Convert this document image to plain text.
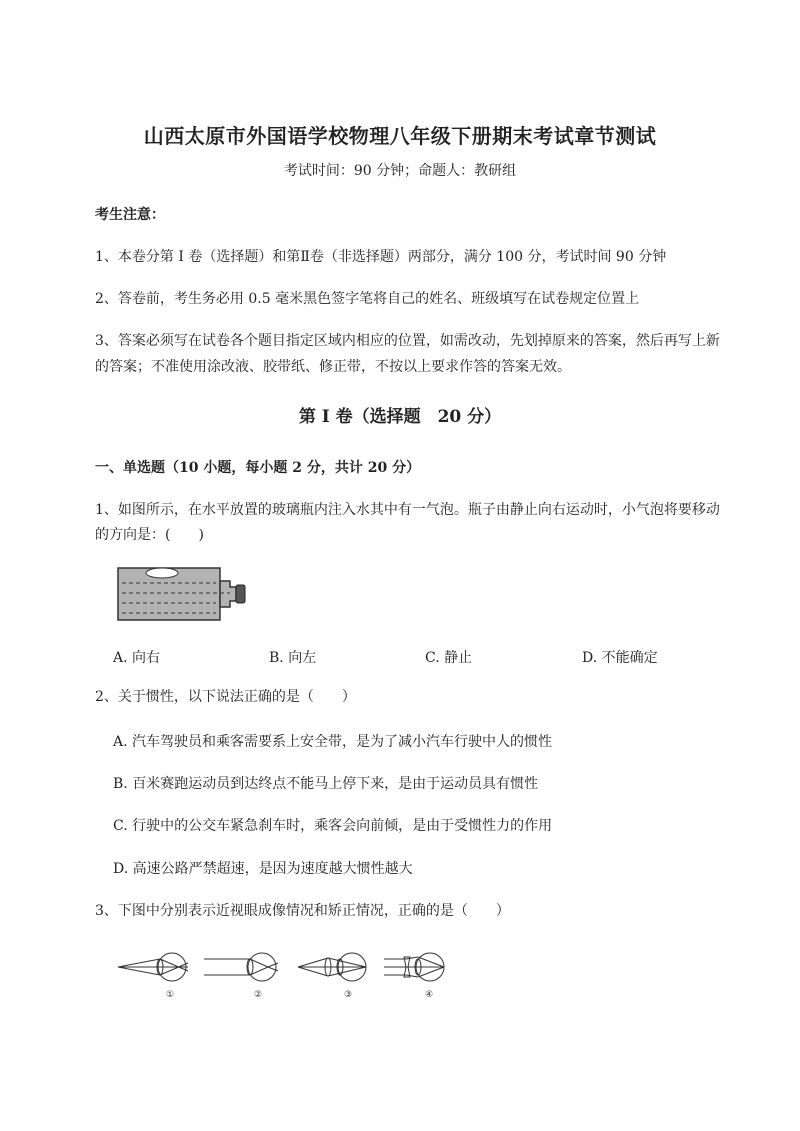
山西太原市外国语学校物理八年级下册期末考试章节测试
考试时间：90 分钟；命题人：教研组
考生注意：
1、本卷分第 I 卷（选择题）和第Ⅱ卷（非选择题）两部分，满分 100 分，考试时间 90 分钟
2、答卷前，考生务必用 0.5 毫米黑色签字笔将自己的姓名、班级填写在试卷规定位置上
3、答案必须写在试卷各个题目指定区域内相应的位置，如需改动，先划掉原来的答案，然后再写上新
的答案；不准使用涂改液、胶带纸、修正带，不按以上要求作答的答案无效。
第 I 卷（选择题　20 分）
一、单选题（10 小题，每小题 2 分，共计 20 分）
1、如图所示，在水平放置的玻璃瓶内注入水其中有一气泡。瓶子由静止向右运动时，小气泡将要移动
的方向是：(　　)
A. 向右	B. 向左	C. 静止	D. 不能确定
2、关于惯性，以下说法正确的是（　　）
A. 汽车驾驶员和乘客需要系上安全带，是为了减小汽车行驶中人的惯性
B. 百米赛跑运动员到达终点不能马上停下来，是由于运动员具有惯性
C. 行驶中的公交车紧急刹车时，乘客会向前倾，是由于受惯性力的作用
D. 高速公路严禁超速，是因为速度越大惯性越大
3、下图中分别表示近视眼成像情况和矫正情况，正确的是（　　）
①	②	③	④
